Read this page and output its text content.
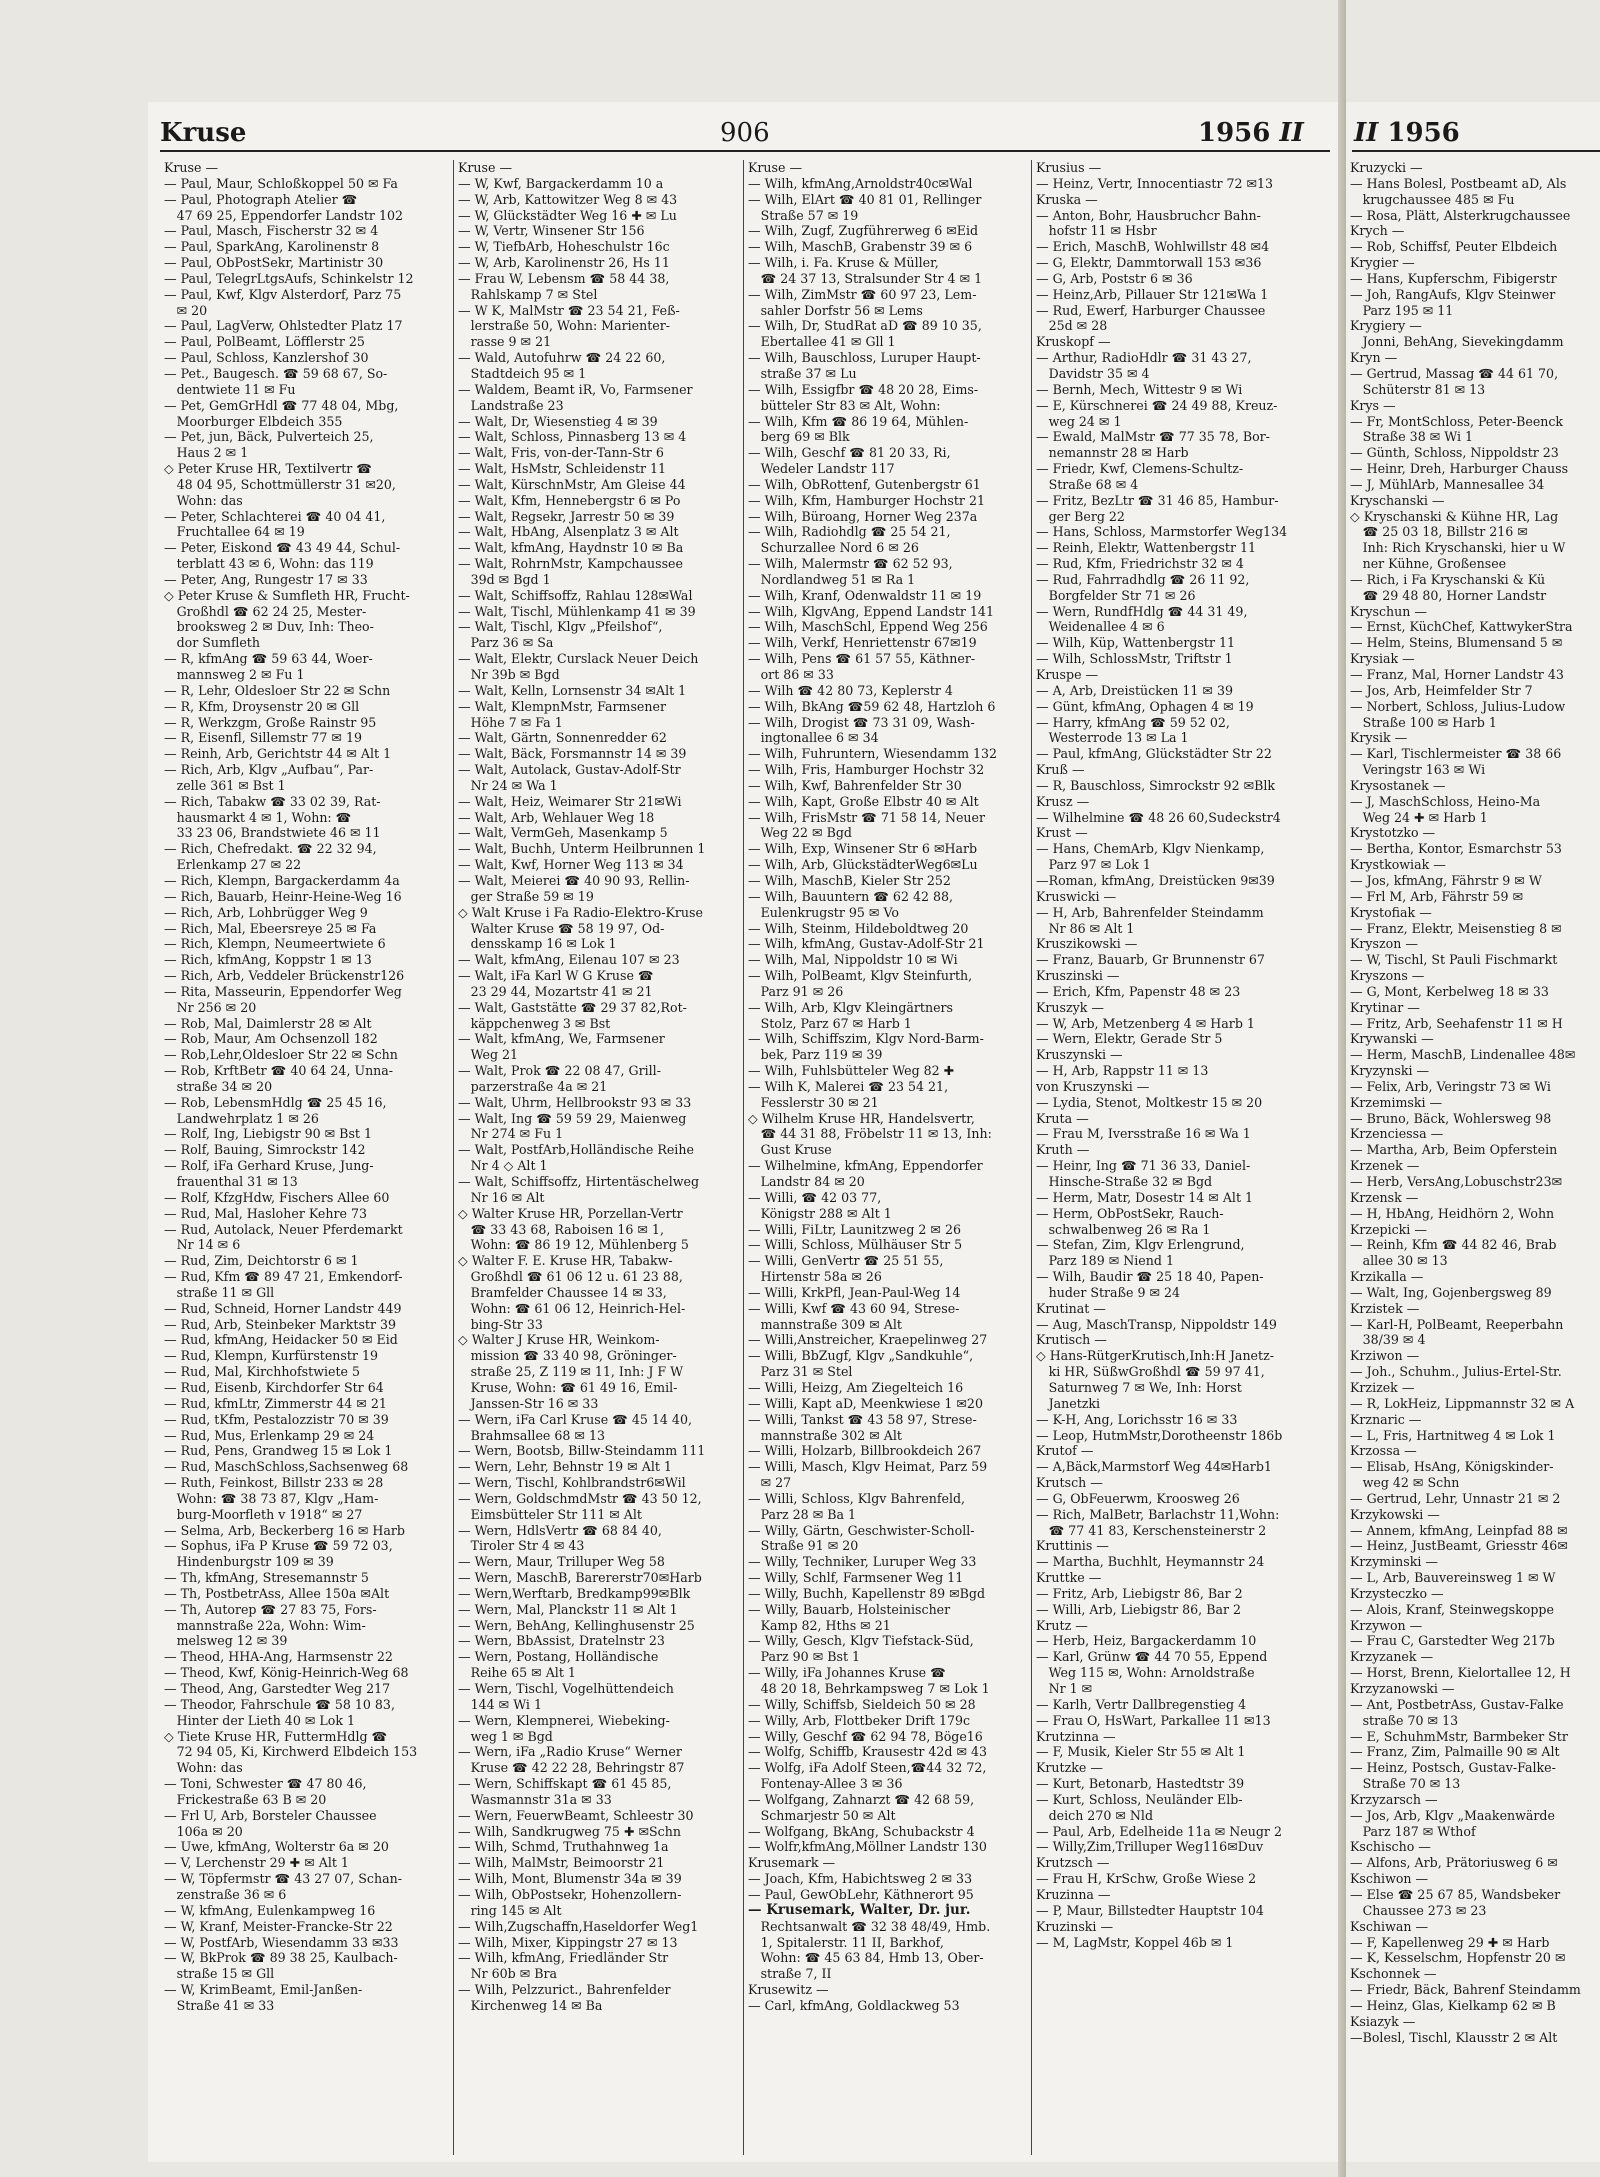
Kruse	906	1956 II II 1956
Kruse —
— Paul, Maur, Schloßkoppel 50 ✉ Fa
— Paul, Photograph Atelier ☎
 47 69 25, Eppendorfer Landstr 102
— Paul, Masch, Fischerstr 32 ✉ 4
— Paul, SparkAng, Karolinenstr 8
— Paul, ObPostSekr, Martinistr 30
— Paul, TelegrLtgsAufs, Schinkelstr 12
— Paul, Kwf, Klgv Alsterdorf, Parz 75
 ✉ 20
— Paul, LagVerw, Ohlstedter Platz 17
— Paul, PolBeamt, Löfflerstr 25
— Paul, Schloss, Kanzlershof 30
— Pet., Baugesch. ☎ 59 68 67, So-
 dentwiete 11 ✉ Fu
— Pet, GemGrHdl ☎ 77 48 04, Mbg,
 Moorburger Elbdeich 355
— Pet, jun, Bäck, Pulverteich 25,
 Haus 2 ✉ 1
◇ Peter Kruse HR, Textilvertr ☎
 48 04 95, Schottmüllerstr 31 ✉20,
 Wohn: das
— Peter, Schlachterei ☎ 40 04 41,
 Fruchtallee 64 ✉ 19
— Peter, Eiskond ☎ 43 49 44, Schul-
 terblatt 43 ✉ 6, Wohn: das 119
— Peter, Ang, Rungestr 17 ✉ 33
◇ Peter Kruse & Sumfleth HR, Frucht-
 Großhdl ☎ 62 24 25, Mester-
 brooksweg 2 ✉ Duv, Inh: Theo-
 dor Sumfleth
— R, kfmAng ☎ 59 63 44, Woer-
 mannsweg 2 ✉ Fu 1
— R, Lehr, Oldesloer Str 22 ✉ Schn
— R, Kfm, Droysenstr 20 ✉ Gll
— R, Werkzgm, Große Rainstr 95
— R, Eisenfl, Sillemstr 77 ✉ 19
— Reinh, Arb, Gerichtstr 44 ✉ Alt 1
— Rich, Arb, Klgv „Aufbau“, Par-
 zelle 361 ✉ Bst 1
— Rich, Tabakw ☎ 33 02 39, Rat-
 hausmarkt 4 ✉ 1, Wohn: ☎
 33 23 06, Brandstwiete 46 ✉ 11
— Rich, Chefredakt. ☎ 22 32 94,
 Erlenkamp 27 ✉ 22
— Rich, Klempn, Bargackerdamm 4a
— Rich, Bauarb, Heinr-Heine-Weg 16
— Rich, Arb, Lohbrügger Weg 9
— Rich, Mal, Ebeersreye 25 ✉ Fa
— Rich, Klempn, Neumeertwiete 6
— Rich, kfmAng, Koppstr 1 ✉ 13
— Rich, Arb, Veddeler Brückenstr126
— Rita, Masseurin, Eppendorfer Weg
 Nr 256 ✉ 20
— Rob, Mal, Daimlerstr 28 ✉ Alt
— Rob, Maur, Am Ochsenzoll 182
— Rob,Lehr,Oldesloer Str 22 ✉ Schn
— Rob, KrftBetr ☎ 40 64 24, Unna-
 straße 34 ✉ 20
— Rob, LebensmHdlg ☎ 25 45 16,
 Landwehrplatz 1 ✉ 26
— Rolf, Ing, Liebigstr 90 ✉ Bst 1
— Rolf, Bauing, Simrockstr 142
— Rolf, iFa Gerhard Kruse, Jung-
 frauenthal 31 ✉ 13
— Rolf, KfzgHdw, Fischers Allee 60
— Rud, Mal, Hasloher Kehre 73
— Rud, Autolack, Neuer Pferdemarkt
 Nr 14 ✉ 6
— Rud, Zim, Deichtorstr 6 ✉ 1
— Rud, Kfm ☎ 89 47 21, Emkendorf-
 straße 11 ✉ Gll
— Rud, Schneid, Horner Landstr 449
— Rud, Arb, Steinbeker Marktstr 39
— Rud, kfmAng, Heidacker 50 ✉ Eid
— Rud, Klempn, Kurfürstenstr 19
— Rud, Mal, Kirchhofstwiete 5
— Rud, Eisenb, Kirchdorfer Str 64
— Rud, kfmLtr, Zimmerstr 44 ✉ 21
— Rud, tKfm, Pestalozzistr 70 ✉ 39
— Rud, Mus, Erlenkamp 29 ✉ 24
— Rud, Pens, Grandweg 15 ✉ Lok 1
— Rud, MaschSchloss,Sachsenweg 68
— Ruth, Feinkost, Billstr 233 ✉ 28
 Wohn: ☎ 38 73 87, Klgv „Ham-
 burg-Moorfleth v 1918“ ✉ 27
— Selma, Arb, Beckerberg 16 ✉ Harb
— Sophus, iFa P Kruse ☎ 59 72 03,
 Hindenburgstr 109 ✉ 39
— Th, kfmAng, Stresemannstr 5
— Th, PostbetrAss, Allee 150a ✉Alt
— Th, Autorep ☎ 27 83 75, Fors-
 mannstraße 22a, Wohn: Wim-
 melsweg 12 ✉ 39
— Theod, HHA-Ang, Harmsenstr 22
— Theod, Kwf, König-Heinrich-Weg 68
— Theod, Ang, Garstedter Weg 217
— Theodor, Fahrschule ☎ 58 10 83,
 Hinter der Lieth 40 ✉ Lok 1
◇ Tiete Kruse HR, FuttermHdlg ☎
 72 94 05, Ki, Kirchwerd Elbdeich 153
 Wohn: das
— Toni, Schwester ☎ 47 80 46,
 Frickestraße 63 B ✉ 20
— Frl U, Arb, Borsteler Chaussee
 106a ✉ 20
— Uwe, kfmAng, Wolterstr 6a ✉ 20
— V, Lerchenstr 29 ✚ ✉ Alt 1
— W, Töpfermstr ☎ 43 27 07, Schan-
 zenstraße 36 ✉ 6
— W, kfmAng, Eulenkampweg 16
— W, Kranf, Meister-Francke-Str 22
— W, PostfArb, Wiesendamm 33 ✉33
— W, BkProk ☎ 89 38 25, Kaulbach-
 straße 15 ✉ Gll
— W, KrimBeamt, Emil-Janßen-
 Straße 41 ✉ 33
Kruse —
— W, Kwf, Bargackerdamm 10 a
— W, Arb, Kattowitzer Weg 8 ✉ 43
— W, Glückstädter Weg 16 ✚ ✉ Lu
— W, Vertr, Winsener Str 156
— W, TiefbArb, Hoheschulstr 16c
— W, Arb, Karolinenstr 26, Hs 11
— Frau W, Lebensm ☎ 58 44 38,
 Rahlskamp 7 ✉ Stel
— W K, MalMstr ☎ 23 54 21, Feß-
 lerstraße 50, Wohn: Marienter-
 rasse 9 ✉ 21
— Wald, Autofuhrw ☎ 24 22 60,
 Stadtdeich 95 ✉ 1
— Waldem, Beamt iR, Vo, Farmsener
 Landstraße 23
— Walt, Dr, Wiesenstieg 4 ✉ 39
— Walt, Schloss, Pinnasberg 13 ✉ 4
— Walt, Fris, von-der-Tann-Str 6
— Walt, HsMstr, Schleidenstr 11
— Walt, KürschnMstr, Am Gleise 44
— Walt, Kfm, Hennebergstr 6 ✉ Po
— Walt, Regsekr, Jarrestr 50 ✉ 39
— Walt, HbAng, Alsenplatz 3 ✉ Alt
— Walt, kfmAng, Haydnstr 10 ✉ Ba
— Walt, RohrnMstr, Kampchaussee
 39d ✉ Bgd 1
— Walt, Schiffsoffz, Rahlau 128✉Wal
— Walt, Tischl, Mühlenkamp 41 ✉ 39
— Walt, Tischl, Klgv „Pfeilshof“,
 Parz 36 ✉ Sa
— Walt, Elektr, Curslack Neuer Deich
 Nr 39b ✉ Bgd
— Walt, Kelln, Lornsenstr 34 ✉Alt 1
— Walt, KlempnMstr, Farmsener
 Höhe 7 ✉ Fa 1
— Walt, Gärtn, Sonnenredder 62
— Walt, Bäck, Forsmannstr 14 ✉ 39
— Walt, Autolack, Gustav-Adolf-Str
 Nr 24 ✉ Wa 1
— Walt, Heiz, Weimarer Str 21✉Wi
— Walt, Arb, Wehlauer Weg 18
— Walt, VermGeh, Masenkamp 5
— Walt, Buchh, Unterm Heilbrunnen 1
— Walt, Kwf, Horner Weg 113 ✉ 34
— Walt, Meierei ☎ 40 90 93, Rellin-
 ger Straße 59 ✉ 19
◇ Walt Kruse i Fa Radio-Elektro-Kruse
 Walter Kruse ☎ 58 19 97, Od-
 densskamp 16 ✉ Lok 1
— Walt, kfmAng, Eilenau 107 ✉ 23
— Walt, iFa Karl W G Kruse ☎
 23 29 44, Mozartstr 41 ✉ 21
— Walt, Gaststätte ☎ 29 37 82,Rot-
 käppchenweg 3 ✉ Bst
— Walt, kfmAng, We, Farmsener
 Weg 21
— Walt, Prok ☎ 22 08 47, Grill-
 parzerstraße 4a ✉ 21
— Walt, Uhrm, Hellbrookstr 93 ✉ 33
— Walt, Ing ☎ 59 59 29, Maienweg
 Nr 274 ✉ Fu 1
— Walt, PostfArb,Holländische Reihe
 Nr 4 ◇ Alt 1
— Walt, Schiffsoffz, Hirtentäschelweg
 Nr 16 ✉ Alt
◇ Walter Kruse HR, Porzellan-Vertr
 ☎ 33 43 68, Raboisen 16 ✉ 1,
 Wohn: ☎ 86 19 12, Mühlenberg 5
◇ Walter F. E. Kruse HR, Tabakw-
 Großhdl ☎ 61 06 12 u. 61 23 88,
 Bramfelder Chaussee 14 ✉ 33,
 Wohn: ☎ 61 06 12, Heinrich-Hel-
 bing-Str 33
◇ Walter J Kruse HR, Weinkom-
 mission ☎ 33 40 98, Gröninger-
 straße 25, Z 119 ✉ 11, Inh: J F W
 Kruse, Wohn: ☎ 61 49 16, Emil-
 Janssen-Str 16 ✉ 33
— Wern, iFa Carl Kruse ☎ 45 14 40,
 Brahmsallee 68 ✉ 13
— Wern, Bootsb, Billw-Steindamm 111
— Wern, Lehr, Behnstr 19 ✉ Alt 1
— Wern, Tischl, Kohlbrandstr6✉Wil
— Wern, GoldschmdMstr ☎ 43 50 12,
 Eimsbütteler Str 111 ✉ Alt
— Wern, HdlsVertr ☎ 68 84 40,
 Tiroler Str 4 ✉ 43
— Wern, Maur, Trilluper Weg 58
— Wern, MaschB, Barererstr70✉Harb
— Wern,Werftarb, Bredkamp99✉Blk
— Wern, Mal, Planckstr 11 ✉ Alt 1
— Wern, BehAng, Kellinghusenstr 25
— Wern, BbAssist, Dratelnstr 23
— Wern, Postang, Holländische
 Reihe 65 ✉ Alt 1
— Wern, Tischl, Vogelhüttendeich
 144 ✉ Wi 1
— Wern, Klempnerei, Wiebeking-
 weg 1 ✉ Bgd
— Wern, iFa „Radio Kruse“ Werner
 Kruse ☎ 42 22 28, Behringstr 87
— Wern, Schiffskapt ☎ 61 45 85,
 Wasmannstr 31a ✉ 33
— Wern, FeuerwBeamt, Schleestr 30
— Wilh, Sandkrugweg 75 ✚ ✉Schn
— Wilh, Schmd, Truthahnweg 1a
— Wilh, MalMstr, Beimoorstr 21
— Wilh, Mont, Blumenstr 34a ✉ 39
— Wilh, ObPostsekr, Hohenzollern-
 ring 145 ✉ Alt
— Wilh,Zugschaffn,Haseldorfer Weg1
— Wilh, Mixer, Kippingstr 27 ✉ 13
— Wilh, kfmAng, Friedländer Str
 Nr 60b ✉ Bra
— Wilh, Pelzzurict., Bahrenfelder
 Kirchenweg 14 ✉ Ba
Kruse —
— Wilh, kfmAng,Arnoldstr40c✉Wal
— Wilh, ElArt ☎ 40 81 01, Rellinger
 Straße 57 ✉ 19
— Wilh, Zugf, Zugführerweg 6 ✉Eid
— Wilh, MaschB, Grabenstr 39 ✉ 6
— Wilh, i. Fa. Kruse & Müller,
 ☎ 24 37 13, Stralsunder Str 4 ✉ 1
— Wilh, ZimMstr ☎ 60 97 23, Lem-
 sahler Dorfstr 56 ✉ Lems
— Wilh, Dr, StudRat aD ☎ 89 10 35,
 Ebertallee 41 ✉ Gll 1
— Wilh, Bauschloss, Luruper Haupt-
 straße 37 ✉ Lu
— Wilh, Essigfbr ☎ 48 20 28, Eims-
 bütteler Str 83 ✉ Alt, Wohn:
— Wilh, Kfm ☎ 86 19 64, Mühlen-
 berg 69 ✉ Blk
— Wilh, Geschf ☎ 81 20 33, Ri,
 Wedeler Landstr 117
— Wilh, ObRottenf, Gutenbergstr 61
— Wilh, Kfm, Hamburger Hochstr 21
— Wilh, Büroang, Horner Weg 237a
— Wilh, Radiohdlg ☎ 25 54 21,
 Schurzallee Nord 6 ✉ 26
— Wilh, Malermstr ☎ 62 52 93,
 Nordlandweg 51 ✉ Ra 1
— Wilh, Kranf, Odenwaldstr 11 ✉ 19
— Wilh, KlgvAng, Eppend Landstr 141
— Wilh, MaschSchl, Eppend Weg 256
— Wilh, Verkf, Henriettenstr 67✉19
— Wilh, Pens ☎ 61 57 55, Käthner-
 ort 86 ✉ 33
— Wilh ☎ 42 80 73, Keplerstr 4
— Wilh, BkAng ☎59 62 48, Hartzloh 6
— Wilh, Drogist ☎ 73 31 09, Wash-
 ingtonallee 6 ✉ 34
— Wilh, Fuhruntern, Wiesendamm 132
— Wilh, Fris, Hamburger Hochstr 32
— Wilh, Kwf, Bahrenfelder Str 30
— Wilh, Kapt, Große Elbstr 40 ✉ Alt
— Wilh, FrisMstr ☎ 71 58 14, Neuer
 Weg 22 ✉ Bgd
— Wilh, Exp, Winsener Str 6 ✉Harb
— Wilh, Arb, GlückstädterWeg6✉Lu
— Wilh, MaschB, Kieler Str 252
— Wilh, Bauuntern ☎ 62 42 88,
 Eulenkrugstr 95 ✉ Vo
— Wilh, Steinm, Hildeboldtweg 20
— Wilh, kfmAng, Gustav-Adolf-Str 21
— Wilh, Mal, Nippoldstr 10 ✉ Wi
— Wilh, PolBeamt, Klgv Steinfurth,
 Parz 91 ✉ 26
— Wilh, Arb, Klgv Kleingärtners
 Stolz, Parz 67 ✉ Harb 1
— Wilh, Schiffszim, Klgv Nord-Barm-
 bek, Parz 119 ✉ 39
— Wilh, Fuhlsbütteler Weg 82 ✚
— Wilh K, Malerei ☎ 23 54 21,
 Fesslerstr 30 ✉ 21
◇ Wilhelm Kruse HR, Handelsvertr,
 ☎ 44 31 88, Fröbelstr 11 ✉ 13, Inh:
 Gust Kruse
— Wilhelmine, kfmAng, Eppendorfer
 Landstr 84 ✉ 20
— Willi, ☎ 42 03 77,
 Königstr 288 ✉ Alt 1
— Willi, FiLtr, Launitzweg 2 ✉ 26
— Willi, Schloss, Mülhäuser Str 5
— Willi, GenVertr ☎ 25 51 55,
 Hirtenstr 58a ✉ 26
— Willi, KrkPfl, Jean-Paul-Weg 14
— Willi, Kwf ☎ 43 60 94, Strese-
 mannstraße 309 ✉ Alt
— Willi,Anstreicher, Kraepelinweg 27
— Willi, BbZugf, Klgv „Sandkuhle“,
 Parz 31 ✉ Stel
— Willi, Heizg, Am Ziegelteich 16
— Willi, Kapt aD, Meenkwiese 1 ✉20
— Willi, Tankst ☎ 43 58 97, Strese-
 mannstraße 302 ✉ Alt
— Willi, Holzarb, Billbrookdeich 267
— Willi, Masch, Klgv Heimat, Parz 59
 ✉ 27
— Willi, Schloss, Klgv Bahrenfeld,
 Parz 28 ✉ Ba 1
— Willy, Gärtn, Geschwister-Scholl-
 Straße 91 ✉ 20
— Willy, Techniker, Luruper Weg 33
— Willy, Schlf, Farmsener Weg 11
— Willy, Buchh, Kapellenstr 89 ✉Bgd
— Willy, Bauarb, Holsteinischer
 Kamp 82, Hths ✉ 21
— Willy, Gesch, Klgv Tiefstack-Süd,
 Parz 90 ✉ Bst 1
— Willy, iFa Johannes Kruse ☎
 48 20 18, Behrkampsweg 7 ✉ Lok 1
— Willy, Schiffsb, Sieldeich 50 ✉ 28
— Willy, Arb, Flottbeker Drift 179c
— Willy, Geschf ☎ 62 94 78, Böge16
— Wolfg, Schiffb, Krausestr 42d ✉ 43
— Wolfg, iFa Adolf Steen,☎44 32 72,
 Fontenay-Allee 3 ✉ 36
— Wolfgang, Zahnarzt ☎ 42 68 59,
 Schmarjestr 50 ✉ Alt
— Wolfgang, BkAng, Schubackstr 4
— Wolfr,kfmAng,Möllner Landstr 130
Krusemark —
— Joach, Kfm, Habichtsweg 2 ✉ 33
— Paul, GewObLehr, Käthnerort 95
— Krusemark, Walter, Dr. jur.
 Rechtsanwalt ☎ 32 38 48/49, Hmb.
 1, Spitalerstr. 11 II, Barkhof,
 Wohn: ☎ 45 63 84, Hmb 13, Ober-
 straße 7, II
Krusewitz —
— Carl, kfmAng, Goldlackweg 53
Krusius —
— Heinz, Vertr, Innocentiastr 72 ✉13
Kruska —
— Anton, Bohr, Hausbruchcr Bahn-
 hofstr 11 ✉ Hsbr
— Erich, MaschB, Wohlwillstr 48 ✉4
— G, Elektr, Dammtorwall 153 ✉36
— G, Arb, Poststr 6 ✉ 36
— Heinz,Arb, Pillauer Str 121✉Wa 1
— Rud, Ewerf, Harburger Chaussee
 25d ✉ 28
Kruskopf —
— Arthur, RadioHdlr ☎ 31 43 27,
 Davidstr 35 ✉ 4
— Bernh, Mech, Wittestr 9 ✉ Wi
— E, Kürschnerei ☎ 24 49 88, Kreuz-
 weg 24 ✉ 1
— Ewald, MalMstr ☎ 77 35 78, Bor-
 nemannstr 28 ✉ Harb
— Friedr, Kwf, Clemens-Schultz-
 Straße 68 ✉ 4
— Fritz, BezLtr ☎ 31 46 85, Hambur-
 ger Berg 22
— Hans, Schloss, Marmstorfer Weg134
— Reinh, Elektr, Wattenbergstr 11
— Rud, Kfm, Friedrichstr 32 ✉ 4
— Rud, Fahrradhdlg ☎ 26 11 92,
 Borgfelder Str 71 ✉ 26
— Wern, RundfHdlg ☎ 44 31 49,
 Weidenallee 4 ✉ 6
— Wilh, Küp, Wattenbergstr 11
— Wilh, SchlossMstr, Triftstr 1
Kruspe —
— A, Arb, Dreistücken 11 ✉ 39
— Günt, kfmAng, Ophagen 4 ✉ 19
— Harry, kfmAng ☎ 59 52 02,
 Westerrode 13 ✉ La 1
— Paul, kfmAng, Glückstädter Str 22
Kruß —
— R, Bauschloss, Simrockstr 92 ✉Blk
Krusz —
— Wilhelmine ☎ 48 26 60,Sudeckstr4
Krust —
— Hans, ChemArb, Klgv Nienkamp,
 Parz 97 ✉ Lok 1
—Roman, kfmAng, Dreistücken 9✉39
Kruswicki —
— H, Arb, Bahrenfelder Steindamm
 Nr 86 ✉ Alt 1
Kruszikowski —
— Franz, Bauarb, Gr Brunnenstr 67
Kruszinski —
— Erich, Kfm, Papenstr 48 ✉ 23
Kruszyk —
— W, Arb, Metzenberg 4 ✉ Harb 1
— Wern, Elektr, Gerade Str 5
Kruszynski —
— H, Arb, Rappstr 11 ✉ 13
von Kruszynski —
— Lydia, Stenot, Moltkestr 15 ✉ 20
Kruta —
— Frau M, Iversstraße 16 ✉ Wa 1
Kruth —
— Heinr, Ing ☎ 71 36 33, Daniel-
 Hinsche-Straße 32 ✉ Bgd
— Herm, Matr, Dosestr 14 ✉ Alt 1
— Herm, ObPostSekr, Rauch-
 schwalbenweg 26 ✉ Ra 1
— Stefan, Zim, Klgv Erlengrund,
 Parz 189 ✉ Niend 1
— Wilh, Baudir ☎ 25 18 40, Papen-
 huder Straße 9 ✉ 24
Krutinat —
— Aug, MaschTransp, Nippoldstr 149
Krutisch —
◇ Hans-RütgerKrutisch,Inh:H Janetz-
 ki HR, SüßwGroßhdl ☎ 59 97 41,
 Saturnweg 7 ✉ We, Inh: Horst
 Janetzki
— K-H, Ang, Lorichsstr 16 ✉ 33
— Leop, HutmMstr,Dorotheenstr 186b
Krutof —
— A,Bäck,Marmstorf Weg 44✉Harb1
Krutsch —
— G, ObFeuerwm, Kroosweg 26
— Rich, MalBetr, Barlachstr 11,Wohn:
 ☎ 77 41 83, Kerschensteinerstr 2
Kruttinis —
— Martha, Buchhlt, Heymannstr 24
Kruttke —
— Fritz, Arb, Liebigstr 86, Bar 2
— Willi, Arb, Liebigstr 86, Bar 2
Krutz —
— Herb, Heiz, Bargackerdamm 10
— Karl, Grünw ☎ 44 70 55, Eppend
 Weg 115 ✉, Wohn: Arnoldstraße
 Nr 1 ✉
— Karlh, Vertr Dallbregenstieg 4
— Frau O, HsWart, Parkallee 11 ✉13
Krutzinna —
— F, Musik, Kieler Str 55 ✉ Alt 1
Krutzke —
— Kurt, Betonarb, Hastedtstr 39
— Kurt, Schloss, Neuländer Elb-
 deich 270 ✉ Nld
— Paul, Arb, Edelheide 11a ✉ Neugr 2
— Willy,Zim,Trilluper Weg116✉Duv
Krutzsch —
— Frau H, KrSchw, Große Wiese 2
Kruzinna —
— P, Maur, Billstedter Hauptstr 104
Kruzinski —
— M, LagMstr, Koppel 46b ✉ 1
Kruzycki —
— Hans Bolesl, Postbeamt aD, Als
 krugchaussee 485 ✉ Fu
— Rosa, Plätt, Alsterkrugchaussee
Krych —
— Rob, Schiffsf, Peuter Elbdeich
Krygier —
— Hans, Kupferschm, Fibigerstr
— Joh, RangAufs, Klgv Steinwer
 Parz 195 ✉ 11
Krygiery —
 Jonni, BehAng, Sievekingdamm
Kryn —
— Gertrud, Massag ☎ 44 61 70,
 Schüterstr 81 ✉ 13
Krys —
— Fr, MontSchloss, Peter-Beenck
 Straße 38 ✉ Wi 1
— Günth, Schloss, Nippoldstr 23
— Heinr, Dreh, Harburger Chauss
— J, MühlArb, Mannesallee 34
Kryschanski —
◇ Kryschanski & Kühne HR, Lag
 ☎ 25 03 18, Billstr 216 ✉
 Inh: Rich Kryschanski, hier u W
 ner Kühne, Großensee
— Rich, i Fa Kryschanski & Kü
 ☎ 29 48 80, Horner Landstr
Kryschun —
— Ernst, KüchChef, KattwykerStra
— Helm, Steins, Blumensand 5 ✉
Krysiak —
— Franz, Mal, Horner Landstr 43
— Jos, Arb, Heimfelder Str 7
— Norbert, Schloss, Julius-Ludow
 Straße 100 ✉ Harb 1
Krysik —
— Karl, Tischlermeister ☎ 38 66
 Veringstr 163 ✉ Wi
Krysostanek —
— J, MaschSchloss, Heino-Ma
 Weg 24 ✚ ✉ Harb 1
Krystotzko —
— Bertha, Kontor, Esmarchstr 53
Krystkowiak —
— Jos, kfmAng, Fährstr 9 ✉ W
— Frl M, Arb, Fährstr 59 ✉
Krystofiak —
— Franz, Elektr, Meisenstieg 8 ✉
Kryszon —
— W, Tischl, St Pauli Fischmarkt
Kryszons —
— G, Mont, Kerbelweg 18 ✉ 33
Krytinar —
— Fritz, Arb, Seehafenstr 11 ✉ H
Krywanski —
— Herm, MaschB, Lindenallee 48✉
Kryzynski —
— Felix, Arb, Veringstr 73 ✉ Wi
Krzemimski —
— Bruno, Bäck, Wohlersweg 98
Krzenciessa —
— Martha, Arb, Beim Opferstein
Krzenek —
— Herb, VersAng,Lobuschstr23✉
Krzensk —
— H, HbAng, Heidhörn 2, Wohn
Krzepicki —
— Reinh, Kfm ☎ 44 82 46, Brab
 allee 30 ✉ 13
Krzikalla —
— Walt, Ing, Gojenbergsweg 89
Krzistek —
— Karl-H, PolBeamt, Reeperbahn
 38/39 ✉ 4
Krziwon —
— Joh., Schuhm., Julius-Ertel-Str.
Krzizek —
— R, LokHeiz, Lippmannstr 32 ✉ A
Krznaric —
— L, Fris, Hartnitweg 4 ✉ Lok 1
Krzossa —
— Elisab, HsAng, Königskinder-
 weg 42 ✉ Schn
— Gertrud, Lehr, Unnastr 21 ✉ 2
Krzykowski —
— Annem, kfmAng, Leinpfad 88 ✉
— Heinz, JustBeamt, Griesstr 46✉
Krzyminski —
— L, Arb, Bauvereinsweg 1 ✉ W
Krzysteczko —
— Alois, Kranf, Steinwegskoppe
Krzywon —
— Frau C, Garstedter Weg 217b
Krzyzanek —
— Horst, Brenn, Kielortallee 12, H
Krzyzanowski —
— Ant, PostbetrAss, Gustav-Falke
 straße 70 ✉ 13
— E, SchuhmMstr, Barmbeker Str
— Franz, Zim, Palmaille 90 ✉ Alt
— Heinz, Postsch, Gustav-Falke-
 Straße 70 ✉ 13
Krzyzarsch —
— Jos, Arb, Klgv „Maakenwärde
 Parz 187 ✉ Wthof
Kschischo —
— Alfons, Arb, Prätoriusweg 6 ✉
Kschiwon —
— Else ☎ 25 67 85, Wandsbeker
 Chaussee 273 ✉ 23
Kschiwan —
— F, Kapellenweg 29 ✚ ✉ Harb
— K, Kesselschm, Hopfenstr 20 ✉
Kschonnek —
— Friedr, Bäck, Bahrenf Steindamm
— Heinz, Glas, Kielkamp 62 ✉ B
Ksiazyk —
—Bolesl, Tischl, Klausstr 2 ✉ Alt
